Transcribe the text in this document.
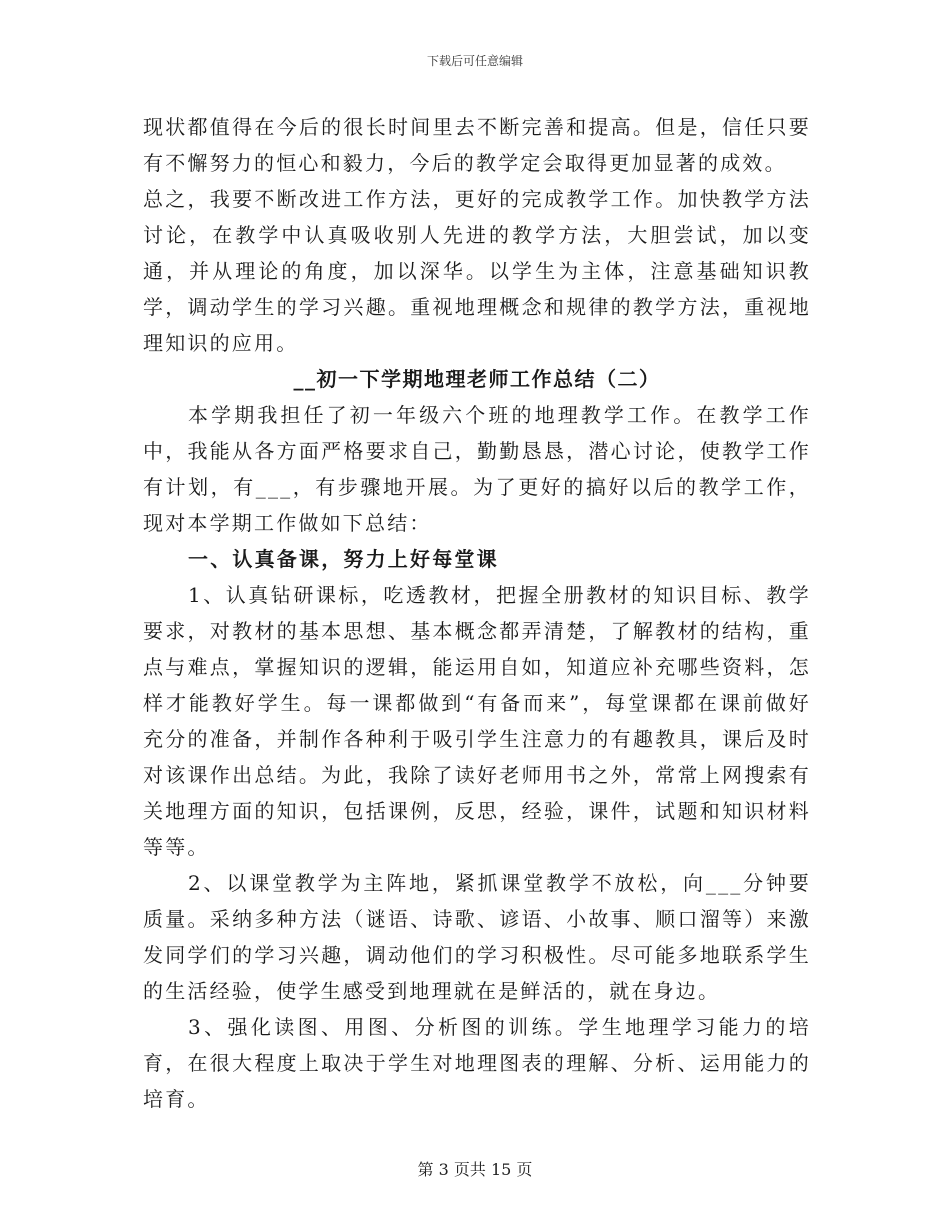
下载后可任意编辑

现状都值得在今后的很长时间里去不断完善和提高。但是，信任只要有不懈努力的恒心和毅力，今后的教学定会取得更加显著的成效。

总之，我要不断改进工作方法，更好的完成教学工作。加快教学方法讨论，在教学中认真吸收别人先进的教学方法，大胆尝试，加以变通，并从理论的角度，加以深华。以学生为主体，注意基础知识教学，调动学生的学习兴趣。重视地理概念和规律的教学方法，重视地理知识的应用。

__初一下学期地理老师工作总结（二）

本学期我担任了初一年级六个班的地理教学工作。在教学工作中，我能从各方面严格要求自己，勤勤恳恳，潜心讨论，使教学工作有计划，有___，有步骤地开展。为了更好的搞好以后的教学工作，现对本学期工作做如下总结：

一、认真备课，努力上好每堂课

1、认真钻研课标，吃透教材，把握全册教材的知识目标、教学要求，对教材的基本思想、基本概念都弄清楚，了解教材的结构，重点与难点，掌握知识的逻辑，能运用自如，知道应补充哪些资料，怎样才能教好学生。每一课都做到“有备而来”，每堂课都在课前做好充分的准备，并制作各种利于吸引学生注意力的有趣教具，课后及时对该课作出总结。为此，我除了读好老师用书之外，常常上网搜索有关地理方面的知识，包括课例，反思，经验，课件，试题和知识材料等等。

2、以课堂教学为主阵地，紧抓课堂教学不放松，向___分钟要质量。采纳多种方法（谜语、诗歌、谚语、小故事、顺口溜等）来激发同学们的学习兴趣，调动他们的学习积极性。尽可能多地联系学生的生活经验，使学生感受到地理就在是鲜活的，就在身边。

3、强化读图、用图、分析图的训练。学生地理学习能力的培育，在很大程度上取决于学生对地理图表的理解、分析、运用能力的培育。

第 3 页共 15 页
